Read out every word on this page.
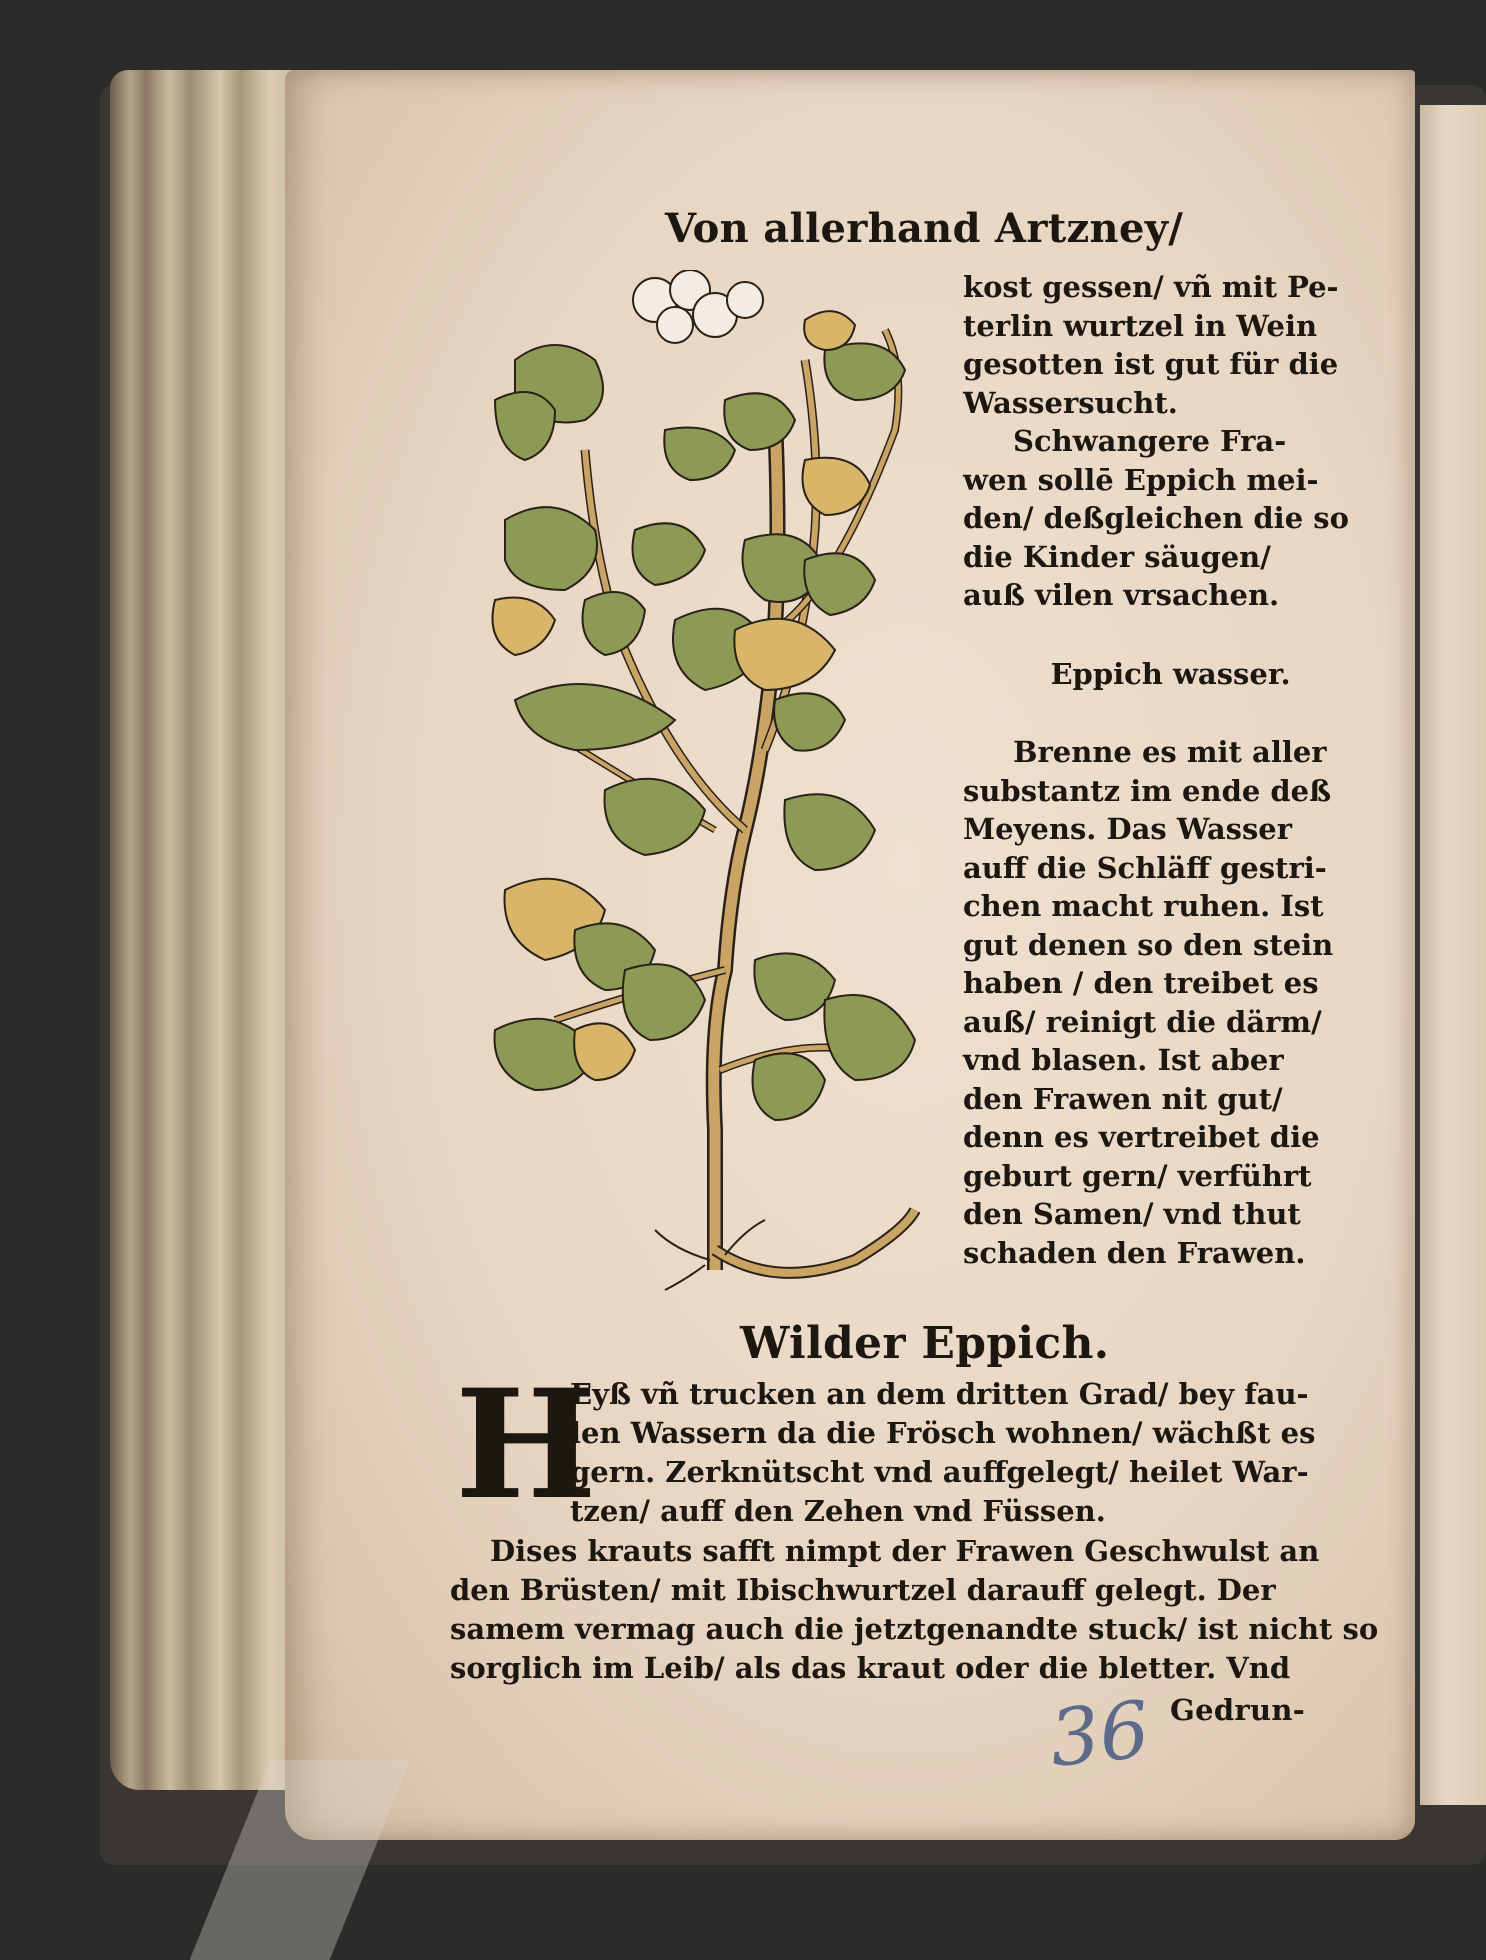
Von allerhand Artzney/
kost gessen/ vñ mit Pe-
terlin wurtzel in Wein
gesotten ist gut für die
Wassersucht.
Schwangere Fra-
wen sollē Eppich mei-
den/ deßgleichen die so
die Kinder säugen/
auß vilen vrsachen.
Eppich wasser.
Brenne es mit aller
substantz im ende deß
Meyens. Das Wasser
auff die Schläff gestri-
chen macht ruhen. Ist
gut denen so den stein
haben / den treibet es
auß/ reinigt die därm/
vnd blasen. Ist aber
den Frawen nit gut/
denn es vertreibet die
geburt gern/ verführt
den Samen/ vnd thut
schaden den Frawen.
Wilder Eppich.
H
Eyß vñ trucken an dem dritten Grad/ bey fau-
len Wassern da die Frösch wohnen/ wächßt es
gern. Zerknütscht vnd auffgelegt/ heilet War-
tzen/ auff den Zehen vnd Füssen.
Dises krauts safft nimpt der Frawen Geschwulst an
den Brüsten/ mit Ibischwurtzel darauff gelegt. Der
samem vermag auch die jetztgenandte stuck/ ist nicht so
sorglich im Leib/ als das kraut oder die bletter. Vnd
36 Gedrun-
